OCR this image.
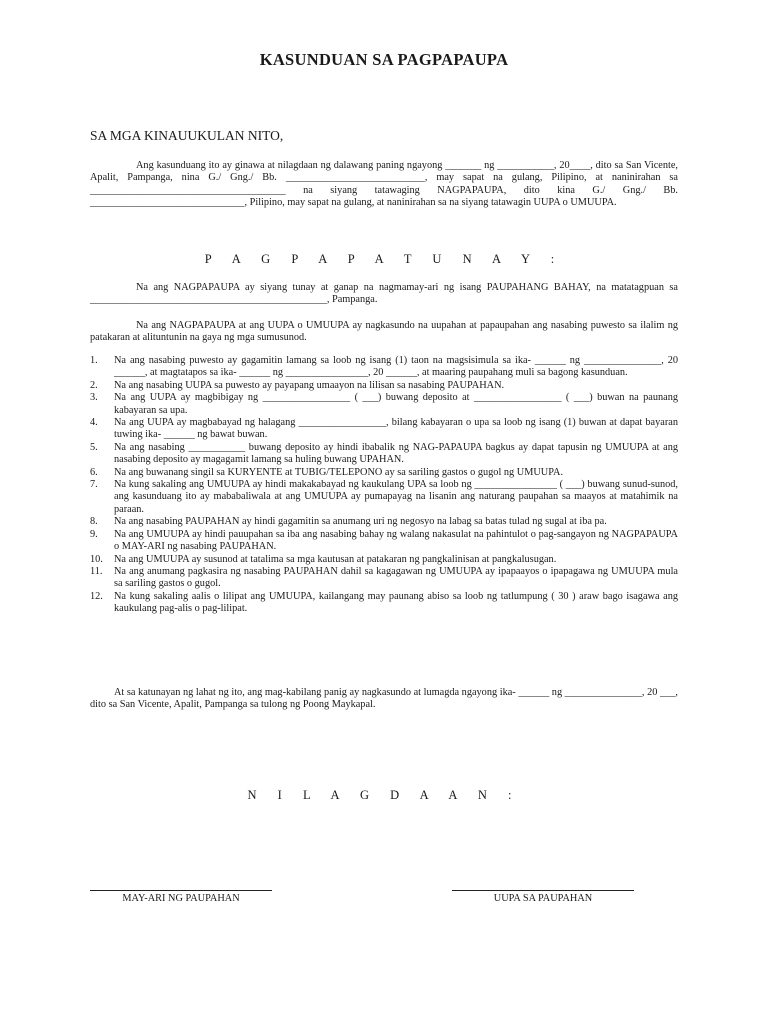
KASUNDUAN SA PAGPAPAUPA
SA MGA KINAUUKULAN NITO,
Ang kasunduang ito ay ginawa at nilagdaan ng dalawang paning ngayong _______ ng ___________, 20____, dito sa San Vicente, Apalit, Pampanga, nina G./ Gng./ Bb. ___________________________, may sapat na gulang, Pilipino, at naninirahan sa ______________________________________ na siyang tatawaging NAGPAPAUPA, dito kina G./ Gng./ Bb. ______________________________, Pilipino, may sapat na gulang, at naninirahan sa na siyang tatawagin UUPA o UMUUPA.
P A G P A P A T U N A Y :
Na ang NAGPAPAUPA ay siyang tunay at ganap na nagmamay-ari ng isang PAUPAHANG BAHAY, na matatagpuan sa ______________________________________________, Pampanga.
Na ang NAGPAPAUPA at ang UUPA o UMUUPA ay nagkasundo na uupahan at papaupahan ang nasabing puwesto sa ilalim ng patakaran at alituntunin na gaya ng mga sumusunod.
1. Na ang nasabing puwesto ay gagamitin lamang sa loob ng isang (1) taon na magsisimula sa ika- ______ ng _______________, 20 ______, at magtatapos sa ika- ______ ng ________________, 20 ______, at maaring paupahang muli sa bagong kasunduan.
2. Na ang nasabing UUPA sa puwesto ay payapang umaayon na lilisan sa nasabing PAUPAHAN.
3. Na ang UUPA ay magbibigay ng _________________ ( ___) buwang deposito at _________________ ( ___) buwan na paunang kabayaran sa upa.
4. Na ang UUPA ay magbabayad ng halagang _________________, bilang kabayaran o upa sa loob ng isang (1) buwan at dapat bayaran tuwing ika- ______ ng bawat buwan.
5. Na ang nasabing ___________ buwang deposito ay hindi ibabalik ng NAG-PAPAUPA bagkus ay dapat tapusin ng UMUUPA at ang nasabing deposito ay magagamit lamang sa huling buwang UPAHAN.
6. Na ang buwanang singil sa KURYENTE at TUBIG/TELEPONO ay sa sariling gastos o gugol ng UMUUPA.
7. Na kung sakaling ang UMUUPA ay hindi makakabayad ng kaukulang UPA sa loob ng ________________ ( ___) buwang sunud-sunod, ang kasunduang ito ay mababaliwala at ang UMUUPA ay pumapayag na lisanin ang naturang paupahan sa maayos at matahimik na paraan.
8. Na ang nasabing PAUPAHAN ay hindi gagamitin sa anumang uri ng negosyo na labag sa batas tulad ng sugal at iba pa.
9. Na ang UMUUPA ay hindi pauupahan sa iba ang nasabing bahay ng walang nakasulat na pahintulot o pag-sangayon ng NAGPAPAUPA o MAY-ARI ng nasabing PAUPAHAN.
10. Na ang UMUUPA ay susunod at tatalima sa mga kautusan at patakaran ng pangkalinisan at pangkalusugan.
11. Na ang anumang pagkasira ng nasabing PAUPAHAN dahil sa kagagawan ng UMUUPA ay ipapaayos o ipapagawa ng UMUUPA mula sa sariling gastos o gugol.
12. Na kung sakaling aalis o lilipat ang UMUUPA, kailangang may paunang abiso sa loob ng tatlumpung ( 30 ) araw bago isagawa ang kaukulang pag-alis o pag-lilipat.
At sa katunayan ng lahat ng ito, ang mag-kabilang panig ay nagkasundo at lumagda ngayong ika- ______ ng _______________, 20 ___, dito sa San Vicente, Apalit, Pampanga sa tulong ng Poong Maykapal.
N I L A G D A A N :
MAY-ARI NG PAUPAHAN	UUPA SA PAUPAHAN
